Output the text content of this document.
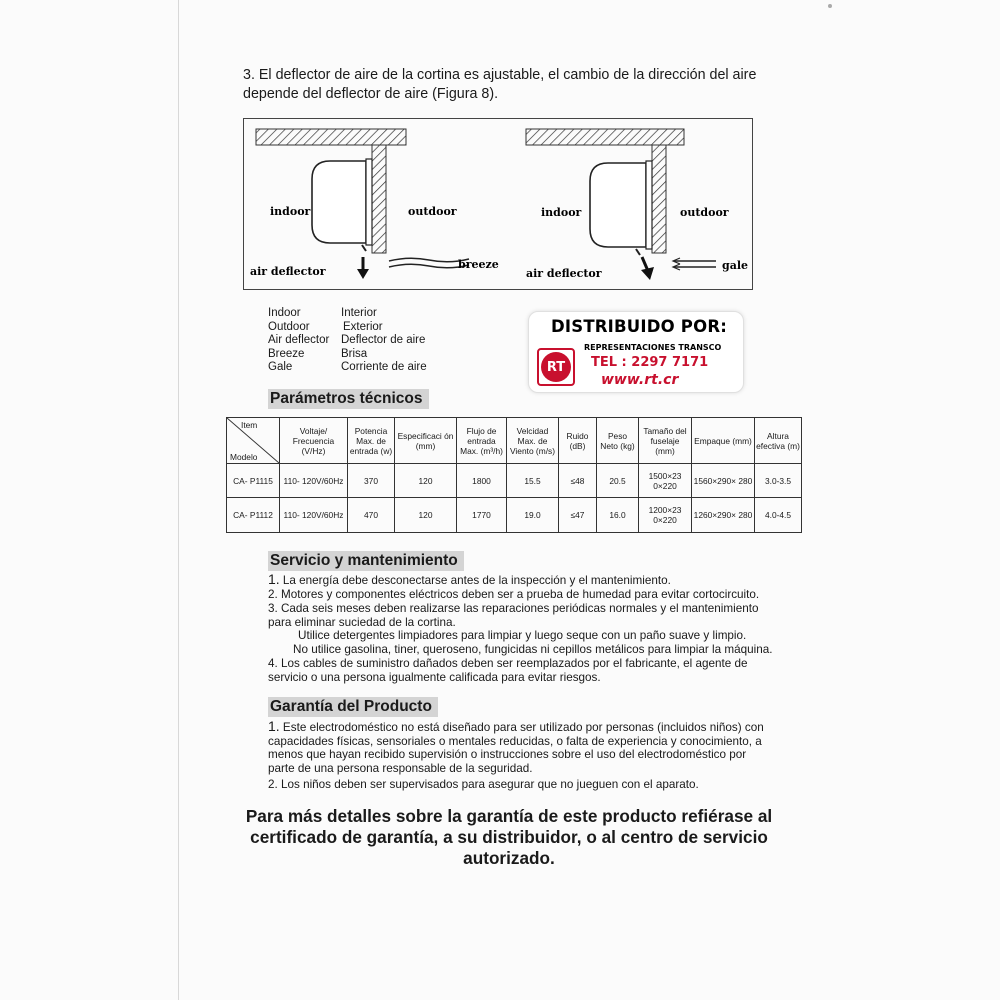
3. El deflector de aire de la cortina es ajustable, el cambio de la dirección del aire depende del deflector de aire (Figura 8).
indoor	outdoor
air deflector
breeze
indoor	outdoor
air deflector
gale
Indoor	Interior
Outdoor	Exterior
Air deflector	Deflector de aire
Breeze	Brisa
Gale	Corriente de aire
DISTRIBUIDO POR:
RT
REPRESENTACIONES TRANSCO
TEL : 2297 7171
www.rt.cr
Parámetros técnicos
Item
Modelo	Voltaje/ Frecuencia (V/Hz)	Potencia Max. de entrada (w)	Especificaci ón (mm)	Flujo de entrada Max. (m³/h)	Velcidad Max. de Viento (m/s)	Ruido (dB)	Peso Neto (kg)	Tamaño del fuselaje (mm)	Empaque (mm)	Altura efectiva (m)
CA- P1115	110- 120V/60Hz	370	120	1800	15.5	≤48	20.5	1500×23 0×220	1560×290× 280	3.0-3.5
CA- P1112	110- 120V/60Hz	470	120	1770	19.0	≤47	16.0	1200×23 0×220	1260×290× 280	4.0-4.5
Servicio y mantenimiento
1. La energía debe desconectarse antes de la inspección y el mantenimiento.
2. Motores y componentes eléctricos deben ser a prueba de humedad para evitar cortocircuito.
3. Cada seis meses deben realizarse las reparaciones periódicas normales y el mantenimiento para eliminar suciedad de la cortina.
Utilice detergentes limpiadores para limpiar y luego seque con un paño suave y limpio.
No utilice gasolina, tiner, queroseno, fungicidas ni cepillos metálicos para limpiar la máquina.
4. Los cables de suministro dañados deben ser reemplazados por el fabricante, el agente de servicio o una persona igualmente calificada para evitar riesgos.
Garantía del Producto
1. Este electrodoméstico no está diseñado para ser utilizado por personas (incluidos niños) con capacidades físicas, sensoriales o mentales reducidas, o falta de experiencia y conocimiento, a menos que hayan recibido supervisión o instrucciones sobre el uso del electrodoméstico por parte de una persona responsable de la seguridad.
2. Los niños deben ser supervisados para asegurar que no jueguen con el aparato.
Para más detalles sobre la garantía de este producto refiérase al certificado de garantía, a su distribuidor, o al centro de servicio autorizado.
